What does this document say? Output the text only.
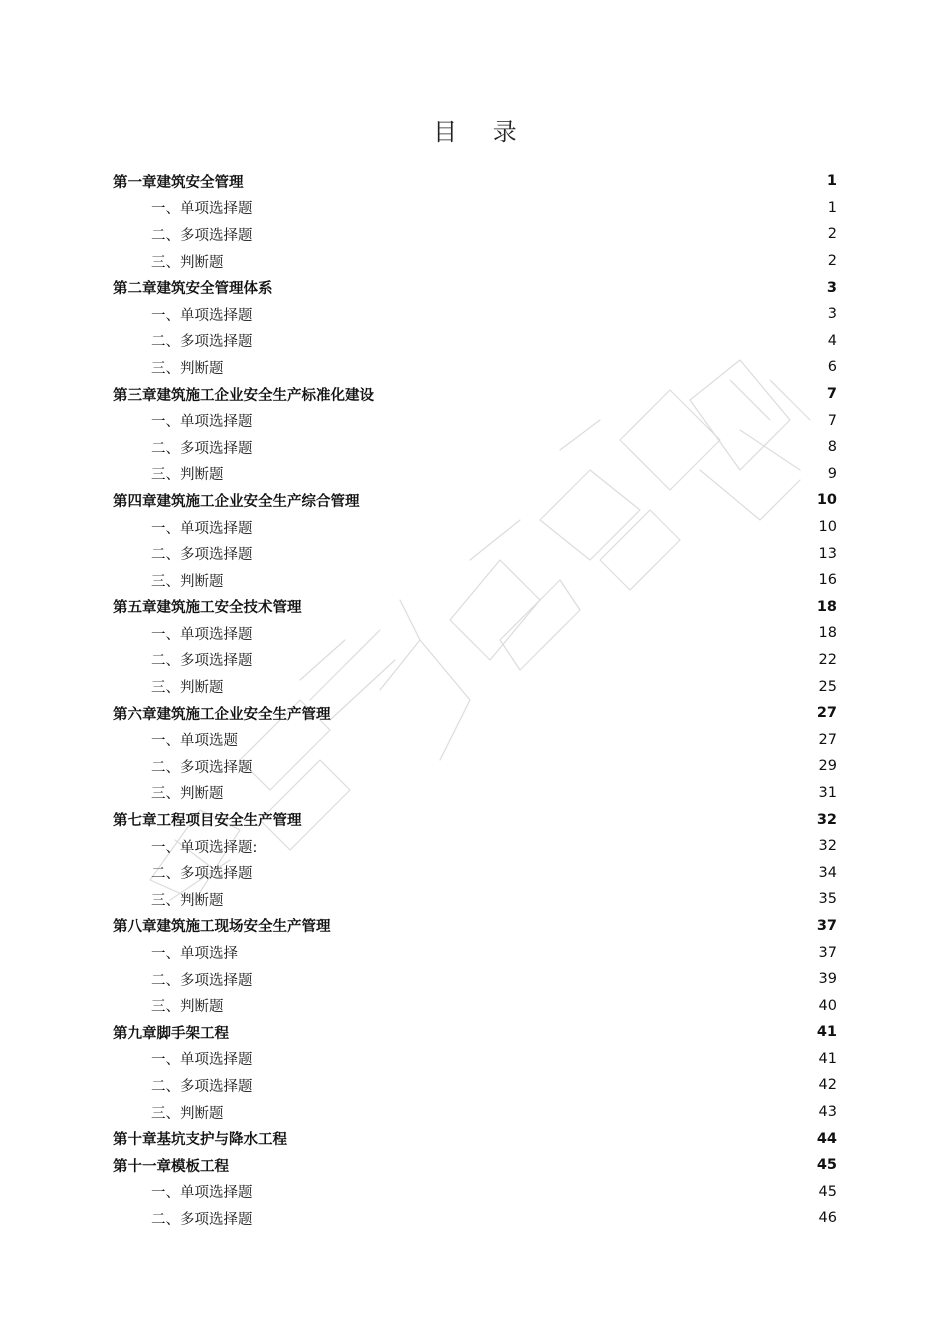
目 录
第一章建筑安全管理	1
一、单项选择题	1
二、多项选择题	2
三、判断题	2
第二章建筑安全管理体系	3
一、单项选择题	3
二、多项选择题	4
三、判断题	6
第三章建筑施工企业安全生产标准化建设	7
一、单项选择题	7
二、多项选择题	8
三、判断题	9
第四章建筑施工企业安全生产综合管理	10
一、单项选择题	10
二、多项选择题	13
三、判断题	16
第五章建筑施工安全技术管理	18
一、单项选择题	18
二、多项选择题	22
三、判断题	25
第六章建筑施工企业安全生产管理	27
一、单项选题	27
二、多项选择题	29
三、判断题	31
第七章工程项目安全生产管理	32
一、单项选择题:	32
二、多项选择题	34
三、判断题	35
第八章建筑施工现场安全生产管理	37
一、单项选择	37
二、多项选择题	39
三、判断题	40
第九章脚手架工程	41
一、单项选择题	41
二、多项选择题	42
三、判断题	43
第十章基坑支护与降水工程	44
第十一章模板工程	45
一、单项选择题	45
二、多项选择题	46
